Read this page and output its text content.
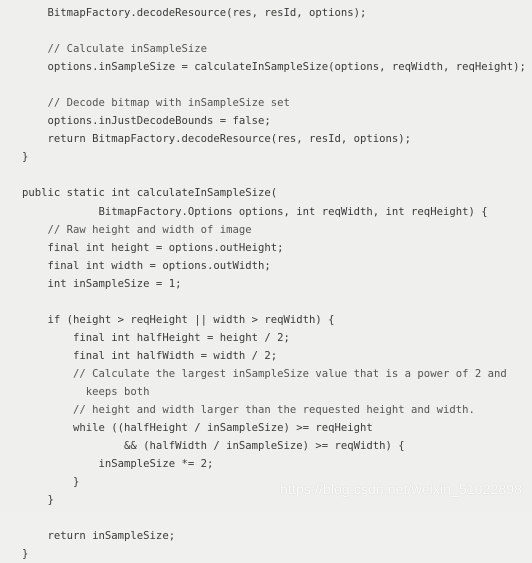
BitmapFactory.decodeResource(res, resId, options);
// Calculate inSampleSize
options.inSampleSize = calculateInSampleSize(options, reqWidth, reqHeight);
// Decode bitmap with inSampleSize set
options.inJustDecodeBounds = false;
return BitmapFactory.decodeResource(res, resId, options);
}
public static int calculateInSampleSize(
BitmapFactory.Options options, int reqWidth, int reqHeight) {
// Raw height and width of image
final int height = options.outHeight;
final int width = options.outWidth;
int inSampleSize = 1;
if (height > reqHeight || width > reqWidth) {
final int halfHeight = height / 2;
final int halfWidth = width / 2;
// Calculate the largest inSampleSize value that is a power of 2 and
keeps both
// height and width larger than the requested height and width.
while ((halfHeight / inSampleSize) >= reqHeight
&& (halfWidth / inSampleSize) >= reqWidth) {
inSampleSize *= 2;
}
}
return inSampleSize;
}
https://blog.csdn.net/weixin_51022898
